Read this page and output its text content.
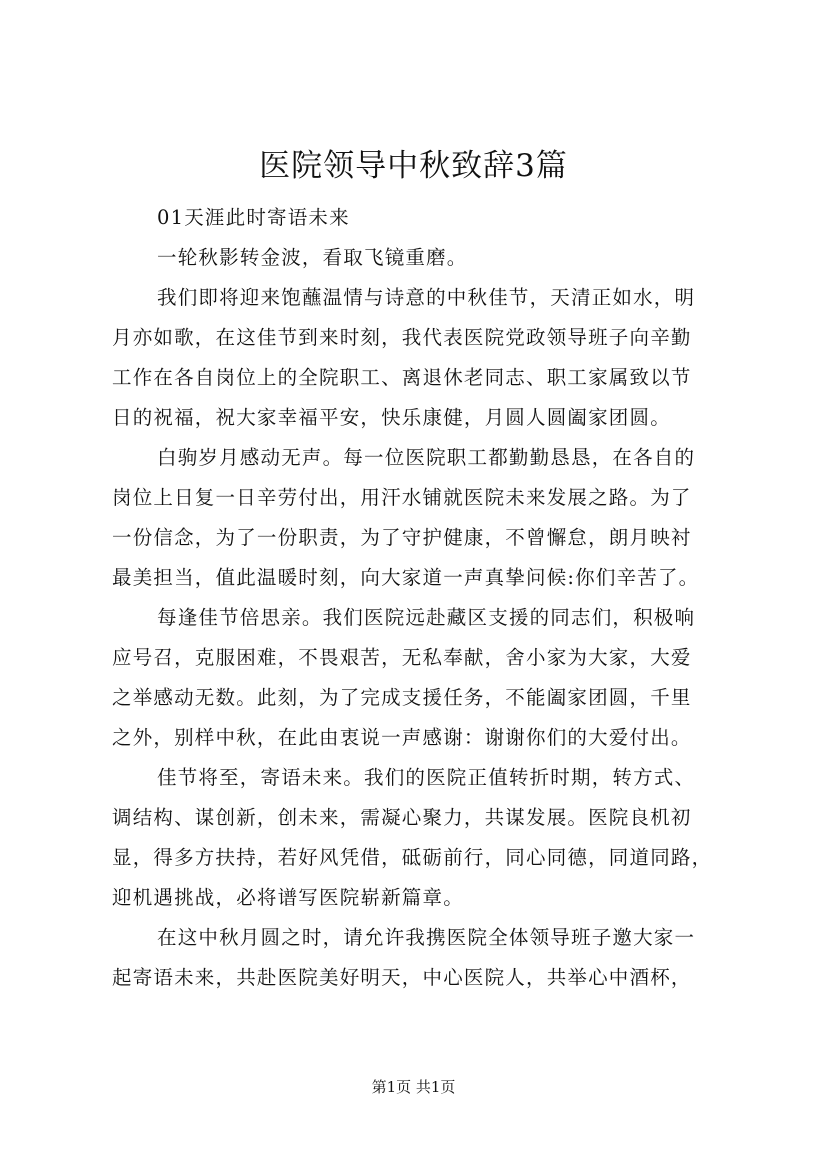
医院领导中秋致辞3篇
01天涯此时寄语未来
一轮秋影转金波，看取飞镜重磨。
我们即将迎来饱蘸温情与诗意的中秋佳节，天清正如水，明
月亦如歌，在这佳节到来时刻，我代表医院党政领导班子向辛勤
工作在各自岗位上的全院职工、离退休老同志、职工家属致以节
日的祝福，祝大家幸福平安，快乐康健，月圆人圆阖家团圆。
白驹岁月感动无声。每一位医院职工都勤勤恳恳，在各自的
岗位上日复一日辛劳付出，用汗水铺就医院未来发展之路。为了
一份信念，为了一份职责，为了守护健康，不曾懈怠，朗月映衬
最美担当，值此温暖时刻，向大家道一声真挚问候:你们辛苦了。
每逢佳节倍思亲。我们医院远赴藏区支援的同志们，积极响
应号召，克服困难，不畏艰苦，无私奉献，舍小家为大家，大爱
之举感动无数。此刻，为了完成支援任务，不能阖家团圆，千里
之外，别样中秋，在此由衷说一声感谢：谢谢你们的大爱付出。
佳节将至，寄语未来。我们的医院正值转折时期，转方式、
调结构、谋创新，创未来，需凝心聚力，共谋发展。医院良机初
显，得多方扶持，若好风凭借，砥砺前行，同心同德，同道同路，
迎机遇挑战，必将谱写医院崭新篇章。
在这中秋月圆之时，请允许我携医院全体领导班子邀大家一
起寄语未来，共赴医院美好明天，中心医院人，共举心中酒杯，
第1页 共1页
